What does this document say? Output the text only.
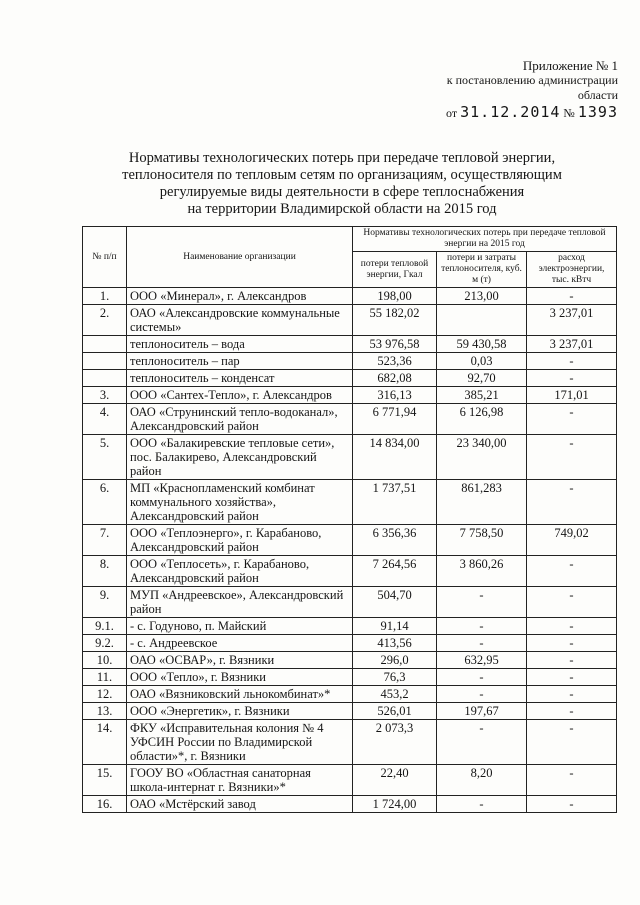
Приложение № 1
к постановлению администрации
области
от 31.12.2014 № 1393
Нормативы технологических потерь при передаче тепловой энергии,
теплоносителя по тепловым сетям по организациям, осуществляющим
регулируемые виды деятельности в сфере теплоснабжения
на территории Владимирской области на 2015 год
№ п/п	Наименование организации	Нормативы технологических потерь при передаче тепловой энергии на 2015 год		
		потери тепловой энергии, Гкал	потери и затраты теплоносителя, куб. м (т)	расход электроэнергии, тыс. кВтч
1.	ООО «Минерал», г. Александров	198,00	213,00	-
2.	ОАО «Александровские коммунальные системы»	55 182,02		3 237,01
	теплоноситель – вода	53 976,58	59 430,58	3 237,01
	теплоноситель – пар	523,36	0,03	-
	теплоноситель – конденсат	682,08	92,70	-
3.	ООО «Сантех-Тепло», г. Александров	316,13	385,21	171,01
4.	ОАО «Струнинский тепло-водоканал», Александровский район	6 771,94	6 126,98	-
5.	ООО «Балакиревские тепловые сети», пос. Балакирево, Александровский район	14 834,00	23 340,00	-
6.	МП «Краснопламенский комбинат коммунального хозяйства», Александровский район	1 737,51	861,283	-
7.	ООО «Теплоэнерго», г. Карабаново, Александровский район	6 356,36	7 758,50	749,02
8.	ООО «Теплосеть», г. Карабаново, Александровский район	7 264,56	3 860,26	-
9.	МУП «Андреевское», Александровский район	504,70	-	-
9.1.	- с. Годуново, п. Майский	91,14	-	-
9.2.	- с. Андреевское	413,56	-	-
10.	ОАО «ОСВАР», г. Вязники	296,0	632,95	-
11.	ООО «Тепло», г. Вязники	76,3	-	-
12.	ОАО «Вязниковский льнокомбинат»*	453,2	-	-
13.	ООО «Энергетик», г. Вязники	526,01	197,67	-
14.	ФКУ «Исправительная колония № 4 УФСИН России по Владимирской области»*, г. Вязники	2 073,3	-	-
15.	ГООУ ВО «Областная санаторная школа-интернат г. Вязники»*	22,40	8,20	-
16.	ОАО «Мстёрский завод	1 724,00	-	-
